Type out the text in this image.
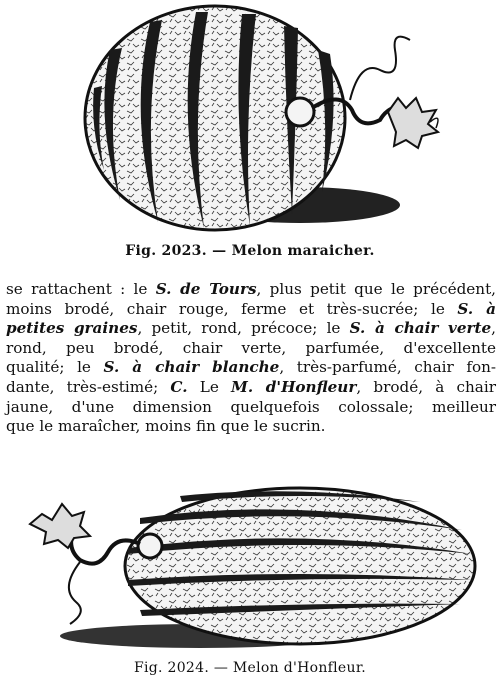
Fig. 2023. — Melon maraicher.
se rattachent : le S. de Tours, plus petit que le précédent,
moins brodé, chair rouge, ferme et très-sucrée; le S. à
petites graines, petit, rond, précoce; le S. à chair verte,
rond, peu brodé, chair verte, parfumée, d'excellente
qualité; le S. à chair blanche, très-parfumé, chair fon-
dante, très-estimé; C. Le M. d'Honfleur, brodé, à chair
jaune, d'une dimension quelquefois colossale; meilleur
que le maraîcher, moins fin que le sucrin.
Fig. 2024. — Melon d'Honfleur.
